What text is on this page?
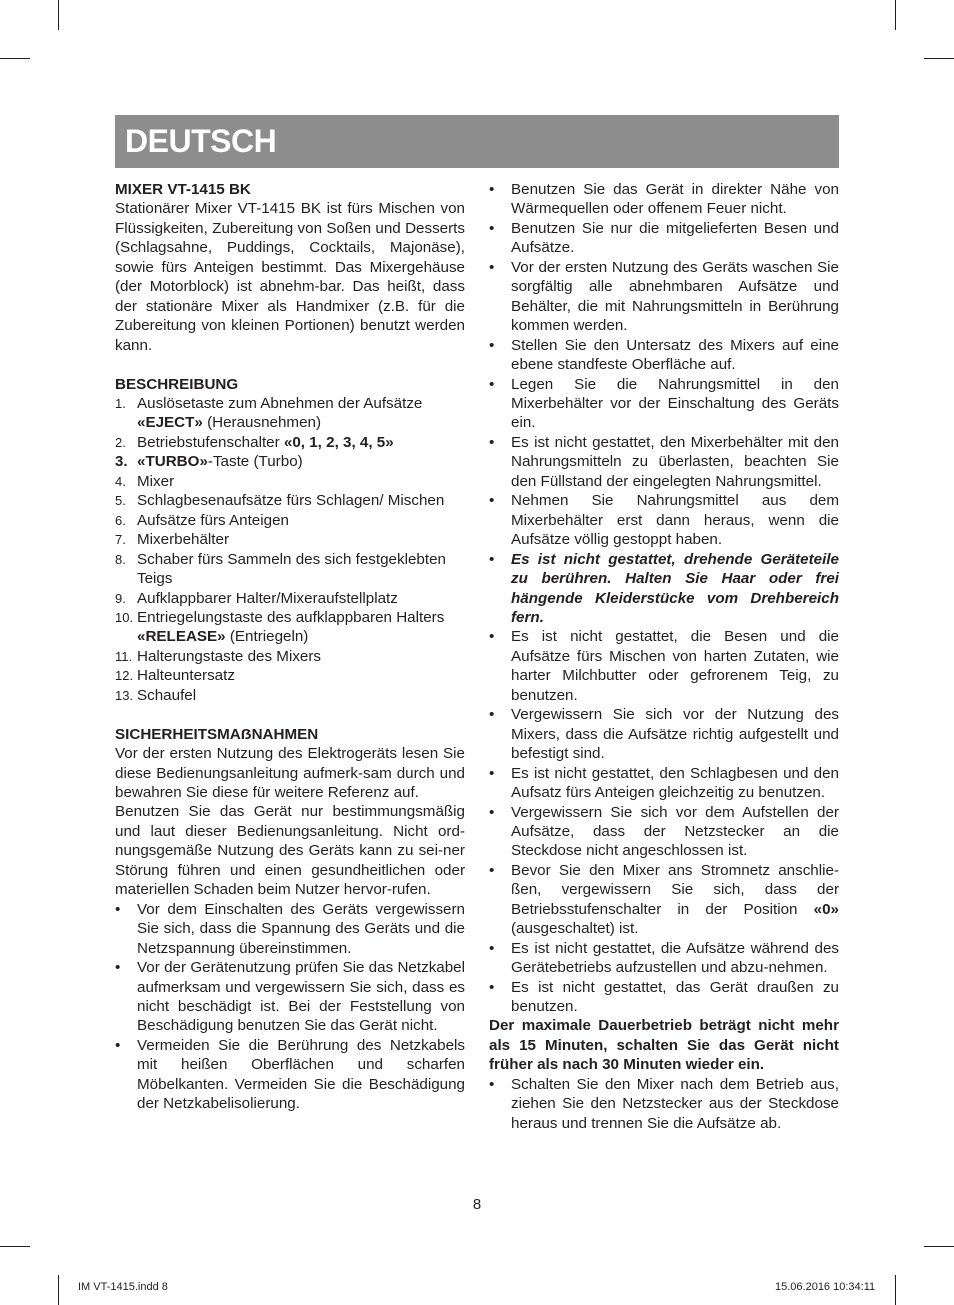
DEUTSCH

MIXER VT-1415 BK

Stationärer Mixer VT-1415 BK ist fürs Mischen von Flüssigkeiten, Zubereitung von Soßen und Desserts (Schlagsahne, Puddings, Cocktails, Majonäse), sowie fürs Anteigen bestimmt. Das Mixergehäuse (der Motorblock) ist abnehm-bar. Das heißt, dass der stationäre Mixer als Handmixer (z.B. für die Zubereitung von kleinen Portionen) benutzt werden kann.

BESCHREIBUNG

1. Auslösetaste zum Abnehmen der Aufsätze «EJECT» (Herausnehmen)
2. Betriebstufenschalter «0, 1, 2, 3, 4, 5»
3. «TURBO»-Taste (Turbo)
4. Mixer
5. Schlagbesenaufsätze fürs Schlagen/ Mischen
6. Aufsätze fürs Anteigen
7. Mixerbehälter
8. Schaber fürs Sammeln des sich festgeklebten Teigs
9. Aufklappbarer Halter/Mixeraufstellplatz
10. Entriegelungstaste des aufklappbaren Halters «RELEASE» (Entriegeln)
11. Halterungstaste des Mixers
12. Halteuntersatz
13. Schaufel

SICHERHEITSMAẞNAHMEN

Vor der ersten Nutzung des Elektrogeräts lesen Sie diese Bedienungsanleitung aufmerk-sam durch und bewahren Sie diese für weitere Referenz auf.

Benutzen Sie das Gerät nur bestimmungsmäßig und laut dieser Bedienungsanleitung. Nicht ord-nungsgemäße Nutzung des Geräts kann zu sei-ner Störung führen und einen gesundheitlichen oder materiellen Schaden beim Nutzer hervor-rufen.

• Vor dem Einschalten des Geräts vergewissern Sie sich, dass die Spannung des Geräts und die Netzspannung übereinstimmen.
• Vor der Gerätenutzung prüfen Sie das Netzkabel aufmerksam und vergewissern Sie sich, dass es nicht beschädigt ist. Bei der Feststellung von Beschädigung benutzen Sie das Gerät nicht.
• Vermeiden Sie die Berührung des Netzkabels mit heißen Oberflächen und scharfen Möbelkanten. Vermeiden Sie die Beschädigung der Netzkabelisolierung.
• Benutzen Sie das Gerät in direkter Nähe von Wärmequellen oder offenem Feuer nicht.
• Benutzen Sie nur die mitgelieferten Besen und Aufsätze.
• Vor der ersten Nutzung des Geräts waschen Sie sorgfältig alle abnehmbaren Aufsätze und Behälter, die mit Nahrungsmitteln in Berührung kommen werden.
• Stellen Sie den Untersatz des Mixers auf eine ebene standfeste Oberfläche auf.
• Legen Sie die Nahrungsmittel in den Mixerbehälter vor der Einschaltung des Geräts ein.
• Es ist nicht gestattet, den Mixerbehälter mit den Nahrungsmitteln zu überlasten, beachten Sie den Füllstand der eingelegten Nahrungsmittel.
• Nehmen Sie Nahrungsmittel aus dem Mixerbehälter erst dann heraus, wenn die Aufsätze völlig gestoppt haben.
• Es ist nicht gestattet, drehende Geräteteile zu berühren. Halten Sie Haar oder frei hängende Kleiderstücke vom Drehbereich fern.
• Es ist nicht gestattet, die Besen und die Aufsätze fürs Mischen von harten Zutaten, wie harter Milchbutter oder gefrorenem Teig, zu benutzen.
• Vergewissern Sie sich vor der Nutzung des Mixers, dass die Aufsätze richtig aufgestellt und befestigt sind.
• Es ist nicht gestattet, den Schlagbesen und den Aufsatz fürs Anteigen gleichzeitig zu benutzen.
• Vergewissern Sie sich vor dem Aufstellen der Aufsätze, dass der Netzstecker an die Steckdose nicht angeschlossen ist.
• Bevor Sie den Mixer ans Stromnetz anschlie-ßen, vergewissern Sie sich, dass der Betriebsstufenschalter in der Position «0» (ausgeschaltet) ist.
• Es ist nicht gestattet, die Aufsätze während des Gerätebetriebs aufzustellen und abzu-nehmen.
• Es ist nicht gestattet, das Gerät draußen zu benutzen.

Der maximale Dauerbetrieb beträgt nicht mehr als 15 Minuten, schalten Sie das Gerät nicht früher als nach 30 Minuten wieder ein.

• Schalten Sie den Mixer nach dem Betrieb aus, ziehen Sie den Netzstecker aus der Steckdose heraus und trennen Sie die Aufsätze ab.
8
IM VT-1415.indd 8	15.06.2016 10:34:11
